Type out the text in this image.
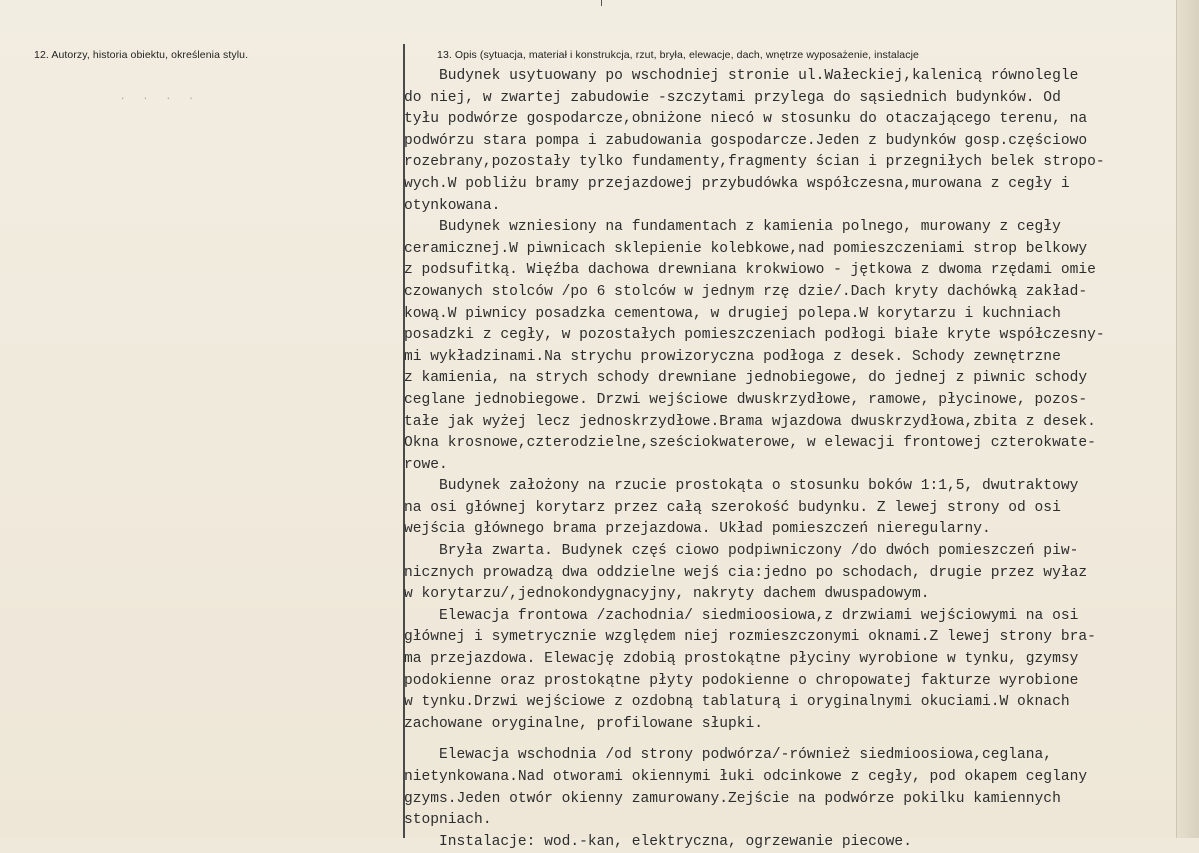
12. Autorzy, historia obiektu, określenia stylu.	13. Opis (sytuacja, materiał i konstrukcja, rzut, bryła, elewacje, dach, wnętrze wyposażenie, instalacje
. . . .
Budynek usytuowany po wschodniej stronie ul.Wałeckiej,kalenicą równolegle
do niej, w zwartej zabudowie -szczytami przylega do sąsiednich budynków. Od
tyłu podwórze gospodarcze,obniżone niecó w stosunku do otaczającego terenu, na
podwórzu stara pompa i zabudowania gospodarcze.Jeden z budynków gosp.częściowo
rozebrany,pozostały tylko fundamenty,fragmenty ścian i przegniłych belek stropo-
wych.W pobliżu bramy przejazdowej przybudówka współczesna,murowana z cegły i
otynkowana.
Budynek wzniesiony na fundamentach z kamienia polnego, murowany z cegły
ceramicznej.W piwnicach sklepienie kolebkowe,nad pomieszczeniami strop belkowy
z podsufitką. Więźba dachowa drewniana krokwiowo - jętkowa z dwoma rzędami omie
czowanych stolców /po 6 stolców w jednym rzę dzie/.Dach kryty dachówką zakład-
kową.W piwnicy posadzka cementowa, w drugiej polepa.W korytarzu i kuchniach
posadzki z cegły, w pozostałych pomieszczeniach podłogi białe kryte współczesny-
mi wykładzinami.Na strychu prowizoryczna podłoga z desek. Schody zewnętrzne
z kamienia, na strych schody drewniane jednobiegowe, do jednej z piwnic schody
ceglane jednobiegowe. Drzwi wejściowe dwuskrzydłowe, ramowe, płycinowe, pozos-
tałe jak wyżej lecz jednoskrzydłowe.Brama wjazdowa dwuskrzydłowa,zbita z desek.
Okna krosnowe,czterodzielne,sześciokwaterowe, w elewacji frontowej czterokwate-
rowe.
Budynek założony na rzucie prostokąta o stosunku boków 1:1,5, dwutraktowy
na osi głównej korytarz przez całą szerokość budynku. Z lewej strony od osi
wejścia głównego brama przejazdowa. Układ pomieszczeń nieregularny.
Bryła zwarta. Budynek częś ciowo podpiwniczony /do dwóch pomieszczeń piw-
nicznych prowadzą dwa oddzielne wejś cia:jedno po schodach, drugie przez wyłaz
w korytarzu/,jednokondygnacyjny, nakryty dachem dwuspadowym.
Elewacja frontowa /zachodnia/ siedmioosiowa,z drzwiami wejściowymi na osi
głównej i symetrycznie względem niej rozmieszczonymi oknami.Z lewej strony bra-
ma przejazdowa. Elewację zdobią prostokątne płyciny wyrobione w tynku, gzymsy
podokienne oraz prostokątne płyty podokienne o chropowatej fakturze wyrobione
w tynku.Drzwi wejściowe z ozdobną tablaturą i oryginalnymi okuciami.W oknach
zachowane oryginalne, profilowane słupki.
Elewacja wschodnia /od strony podwórza/-również siedmioosiowa,ceglana,
nietynkowana.Nad otworami okiennymi łuki odcinkowe z cegły, pod okapem ceglany
gzyms.Jeden otwór okienny zamurowany.Zejście na podwórze pokilku kamiennych
stopniach.
Instalacje: wod.-kan, elektryczna, ogrzewanie piecowe.
